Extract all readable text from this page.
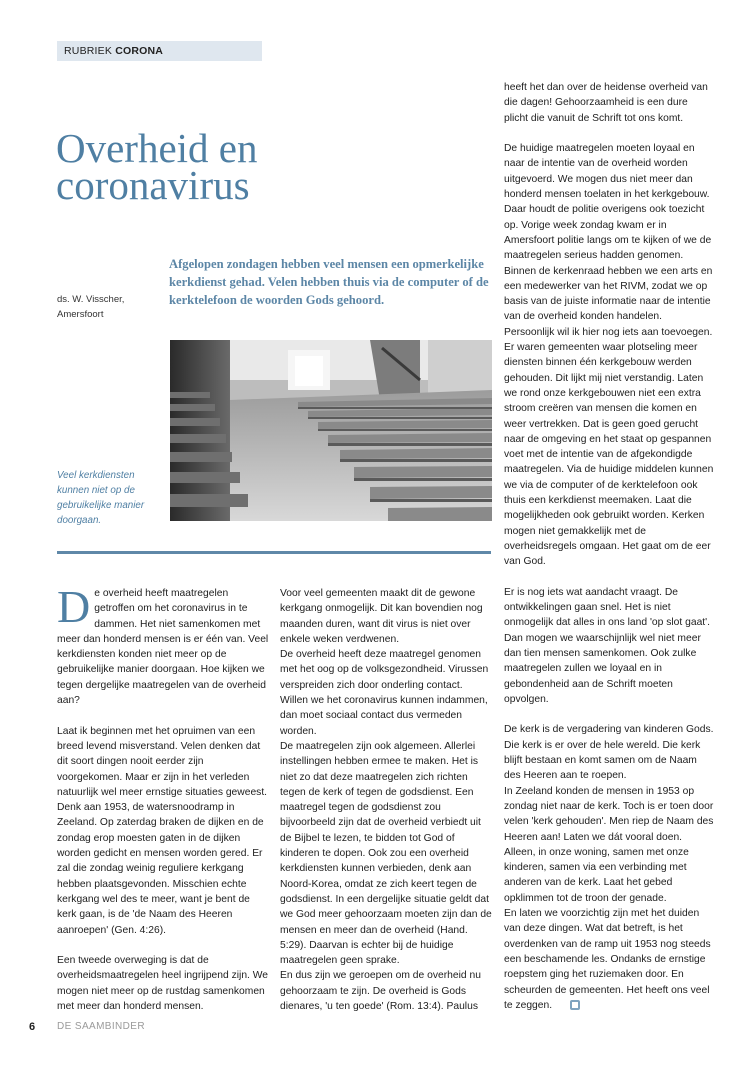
RUBRIEK CORONA
Overheid en coronavirus

Afgelopen zondagen hebben veel mensen een opmerkelijke kerkdienst gehad. Velen hebben thuis via de computer of de kerktelefoon de woorden Gods gehoord.

ds. W. Visscher,
Amersfoort
Veel kerkdiensten kunnen niet op de gebruikelijke manier doorgaan.

De overheid heeft maatregelen getroffen om het coronavirus in te dammen. Het niet samenkomen met meer dan honderd mensen is er één van. Veel kerkdiensten konden niet meer op de gebruikelijke manier doorgaan. Hoe kijken we tegen dergelijke maatregelen van de overheid aan?

Laat ik beginnen met het opruimen van een breed levend misverstand. Velen denken dat dit soort dingen nooit eerder zijn voorgekomen. Maar er zijn in het verleden natuurlijk wel meer ernstige situaties geweest. Denk aan 1953, de watersnoodramp in Zeeland. Op zaterdag braken de dijken en de zondag erop moesten gaten in de dijken worden gedicht en mensen worden gered. Er zal die zondag weinig reguliere kerkgang hebben plaatsgevonden. Misschien echte kerkgang wel des te meer, want je bent de kerk gaan, is de 'de Naam des Heeren aanroepen' (Gen. 4:26).

Een tweede overweging is dat de overheidsmaatregelen heel ingrijpend zijn. We mogen niet meer op de rustdag samenkomen met meer dan honderd mensen.

Voor veel gemeenten maakt dit de gewone kerkgang onmogelijk. Dit kan bovendien nog maanden duren, want dit virus is niet over enkele weken verdwenen.

De overheid heeft deze maatregel genomen met het oog op de volksgezondheid. Virussen verspreiden zich door onderling contact. Willen we het coronavirus kunnen indammen, dan moet sociaal contact dus vermeden worden.

De maatregelen zijn ook algemeen. Allerlei instellingen hebben ermee te maken. Het is niet zo dat deze maatregelen zich richten tegen de kerk of tegen de godsdienst. Een maatregel tegen de godsdienst zou bijvoorbeeld zijn dat de overheid verbiedt uit de Bijbel te lezen, te bidden tot God of kinderen te dopen. Ook zou een overheid kerkdiensten kunnen verbieden, denk aan Noord-Korea, omdat ze zich keert tegen de godsdienst. In een dergelijke situatie geldt dat we God meer gehoorzaam moeten zijn dan de mensen en meer dan de overheid (Hand. 5:29). Daarvan is echter bij de huidige maatregelen geen sprake.

En dus zijn we geroepen om de overheid nu gehoorzaam te zijn. De overheid is Gods dienares, 'u ten goede' (Rom. 13:4). Paulus

heeft het dan over de heidense overheid van die dagen! Gehoorzaamheid is een dure plicht die vanuit de Schrift tot ons komt.

De huidige maatregelen moeten loyaal en naar de intentie van de overheid worden uitgevoerd. We mogen dus niet meer dan honderd mensen toelaten in het kerkgebouw. Daar houdt de politie overigens ook toezicht op. Vorige week zondag kwam er in Amersfoort politie langs om te kijken of we de maatregelen serieus hadden genomen. Binnen de kerkenraad hebben we een arts en een medewerker van het RIVM, zodat we op basis van de juiste informatie naar de intentie van de overheid konden handelen.

Persoonlijk wil ik hier nog iets aan toevoegen. Er waren gemeenten waar plotseling meer diensten binnen één kerkgebouw werden gehouden. Dit lijkt mij niet verstandig. Laten we rond onze kerkgebouwen niet een extra stroom creëren van mensen die komen en weer vertrekken. Dat is geen goed gerucht naar de omgeving en het staat op gespannen voet met de intentie van de afgekondigde maatregelen. Via de huidige middelen kunnen we via de computer of de kerktelefoon ook thuis een kerkdienst meemaken. Laat die mogelijkheden ook gebruikt worden. Kerken mogen niet gemakkelijk met de overheidsregels omgaan. Het gaat om de eer van God.

Er is nog iets wat aandacht vraagt. De ontwikkelingen gaan snel. Het is niet onmogelijk dat alles in ons land 'op slot gaat'. Dan mogen we waarschijnlijk wel niet meer dan tien mensen samenkomen. Ook zulke maatregelen zullen we loyaal en in gebondenheid aan de Schrift moeten opvolgen.

De kerk is de vergadering van kinderen Gods. Die kerk is er over de hele wereld. Die kerk blijft bestaan en komt samen om de Naam des Heeren aan te roepen.

In Zeeland konden de mensen in 1953 op zondag niet naar de kerk. Toch is er toen door velen 'kerk gehouden'. Men riep de Naam des Heeren aan! Laten we dát vooral doen. Alleen, in onze woning, samen met onze kinderen, samen via een verbinding met anderen van de kerk. Laat het gebed opklimmen tot de troon der genade.

En laten we voorzichtig zijn met het duiden van deze dingen. Wat dat betreft, is het overdenken van de ramp uit 1953 nog steeds een beschamende les. Ondanks de ernstige roepstem ging het ruziemaken door. En scheurden de gemeenten. Het heeft ons veel te zeggen.

6 DE SAAMBINDER
